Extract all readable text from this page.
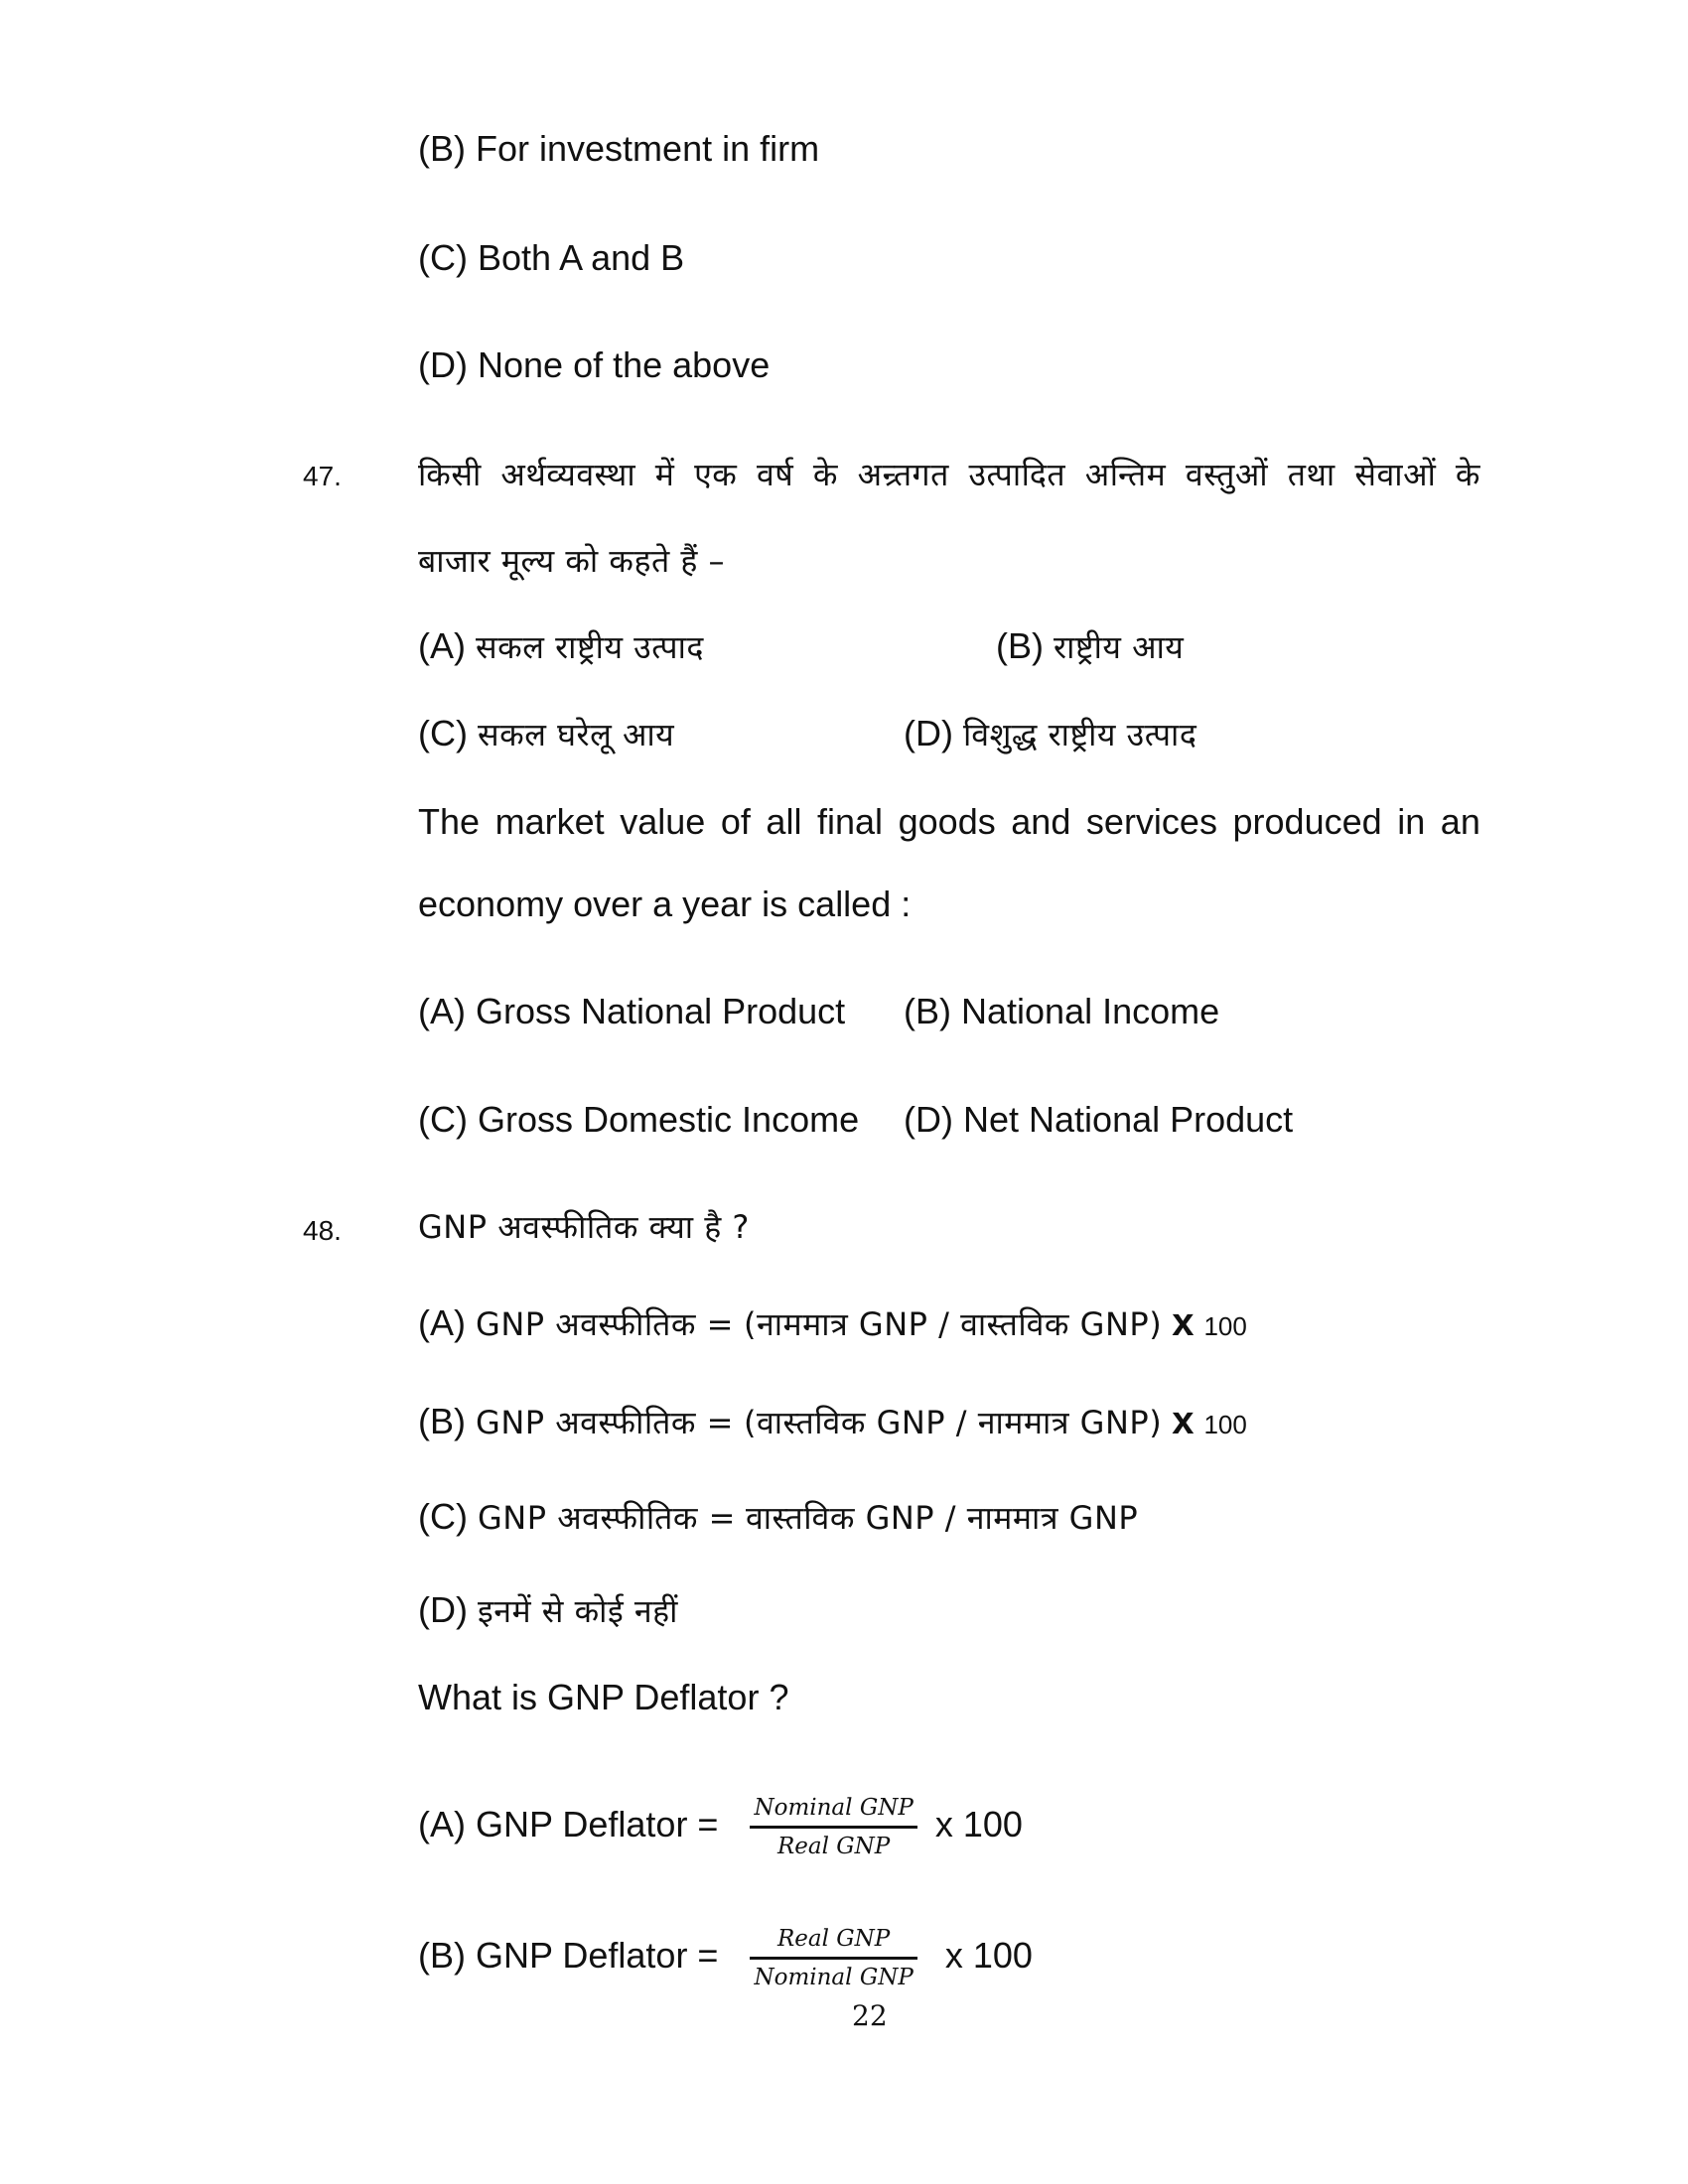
(B) For investment in firm
(C) Both A and B
(D) None of the above
47. किसी अर्थव्यवस्था में एक वर्ष के अन्र्तगत उत्पादित अन्तिम वस्तुओं तथा सेवाओं के
बाजार मूल्य को कहते हैं –
(A) सकल राष्ट्रीय उत्पाद	(B) राष्ट्रीय आय
(C) सकल घरेलू आय	(D) विशुद्ध राष्ट्रीय उत्पाद
The market value of all final goods and services produced in an
economy over a year is called :
(A) Gross National Product (B) National Income
(C) Gross Domestic Income (D) Net National Product
48. GNP अवस्फीतिक क्या है ?
(A) GNP अवस्फीतिक = (नाममात्र GNP / वास्तविक GNP) x 100
(B) GNP अवस्फीतिक = (वास्तविक GNP / नाममात्र GNP) x 100
(C) GNP अवस्फीतिक = वास्तविक GNP / नाममात्र GNP
(D) इनमें से कोई नहीं
What is GNP Deflator ?
(A) GNP Deflator = $\frac{\text{Nominal GNP}}{\text{Real GNP}}$ x 100
(B) GNP Deflator = $\frac{\text{Real GNP}}{\text{Nominal GNP}}$ x 100
22
